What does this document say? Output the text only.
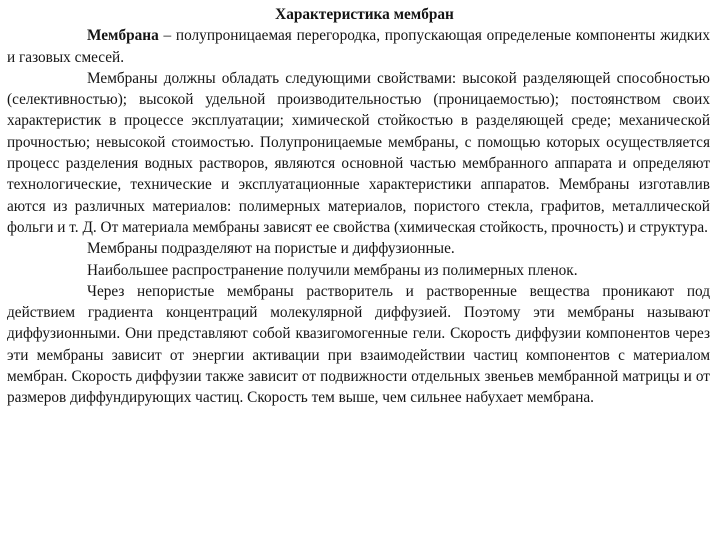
Характеристика мембран

Мембрана – полупроницаемая перегородка, пропускающая определеные компоненты жидких и газовых смесей.

Мембраны должны обладать следующими свойствами: высокой разделяющей способностью (селективностью); высокой удельной производительностью (проницаемостью); постоянством своих характеристик в процессе эксплуатации; химической стойкостью в разделяющей среде; механической прочностью; невысокой стоимостью. Полупроницаемые мембраны, с помощью которых осуществляется процесс разделения водных растворов, являются основной частью мембранного аппарата и определяют технологические, технические и эксплуатационные характеристики аппаратов. Мембраны изготавлив аются из различных материалов: полимерных материалов, пористого стекла, графитов, металлической фольги и т. Д. От материала мембраны зависят ее свойства (химическая стойкость, прочность) и структура.

Мембраны подразделяют на пористые и диффузионные.

Наибольшее распространение получили мембраны из полимерных пленок.

Через непористые мембраны растворитель и растворенные вещества проникают под действием градиента концентраций молекулярной диффузией. Поэтому эти мембраны называют диффузионными. Они представляют собой квазигомогенные гели. Скорость диффузии компонентов через эти мембраны зависит от энергии активации при взаимодействии частиц компонентов с материалом мембран. Скорость диффузии также зависит от подвижности отдельных звеньев мембранной матрицы и от размеров диффундирующих частиц. Скорость тем выше, чем сильнее набухает мембрана.
